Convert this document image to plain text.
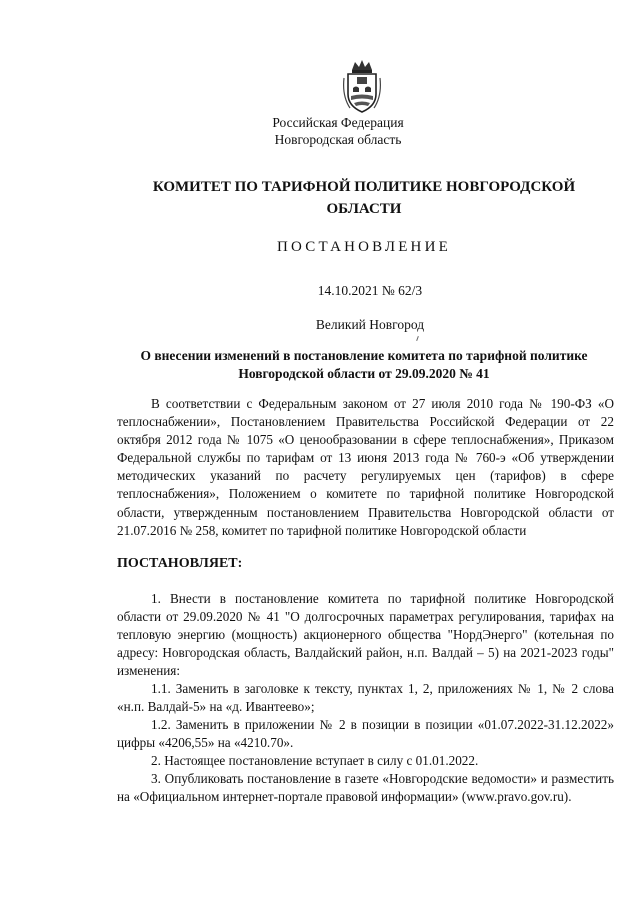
Российская Федерация
Новгородская область
КОМИТЕТ ПО ТАРИФНОЙ ПОЛИТИКЕ НОВГОРОДСКОЙ
ОБЛАСТИ
ПОСТАНОВЛЕНИЕ
14.10.2021 № 62/3
Великий Новгород
О внесении изменений в постановление комитета по тарифной политике
Новгородской области от 29.09.2020 № 41
В соответствии с Федеральным законом от 27 июля 2010 года № 190-ФЗ «О теплоснабжении», Постановлением Правительства Российской Федерации от 22 октября 2012 года № 1075 «О ценообразовании в сфере теплоснабжения», Приказом Федеральной службы по тарифам от 13 июня 2013 года № 760-э «Об утверждении методических указаний по расчету регулируемых цен (тарифов) в сфере теплоснабжения», Положением о комитете по тарифной политике Новгородской области, утвержденным постановлением Правительства Новгородской области от 21.07.2016 № 258, комитет по тарифной политике Новгородской области
ПОСТАНОВЛЯЕТ:
1. Внести в постановление комитета по тарифной политике Новгородской области от 29.09.2020 № 41 "О долгосрочных параметрах регулирования, тарифах на тепловую энергию (мощность) акционерного общества "НордЭнерго" (котельная по адресу: Новгородская область, Валдайский район, н.п. Валдай – 5) на 2021-2023 годы" изменения:
1.1. Заменить в заголовке к тексту, пунктах 1, 2, приложениях № 1, № 2 слова «н.п. Валдай-5» на «д. Ивантеево»;
1.2. Заменить в приложении № 2 в позиции в позиции «01.07.2022-31.12.2022» цифры «4206,55» на «4210.70».
2. Настоящее постановление вступает в силу с 01.01.2022.
3. Опубликовать постановление в газете «Новгородские ведомости» и разместить на «Официальном интернет-портале правовой информации» (www.pravo.gov.ru).
